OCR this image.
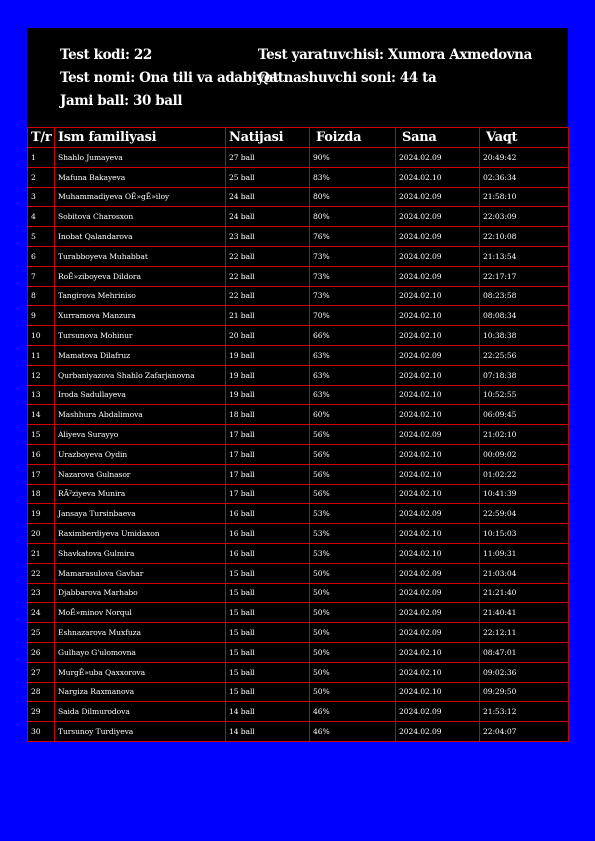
Test kodi: 22	Test yaratuvchisi: Xumora Axmedovna
Test nomi: Ona tili va adabiyot
Qatnashuvchi soni: 44 ta
Jami ball: 30 ball
T/r	Ism familiyasi	Natijasi	Foizda	Sana	Vaqt
1	Shahlo Jumayeva	27 ball	90%	2024.02.09	20:49:42
2	Mafuna Bakayeva	25 ball	83%	2024.02.10	02:36:34
3	Muhammadiyeva OÊ»gÊ»iloy	24 ball	80%	2024.02.09	21:58:10
4	Sobitova Charosxon	24 ball	80%	2024.02.09	22:03:09
5	Inobat Qalandarova	23 ball	76%	2024.02.09	22:10:08
6	Turabboyeva Muhabbat	22 ball	73%	2024.02.09	21:13:54
7	RoÊ»ziboyeva Dildora	22 ball	73%	2024.02.09	22:17:17
8	Tangirova Mehriniso	22 ball	73%	2024.02.10	08:23:58
9	Xurramova Manzura	21 ball	70%	2024.02.10	08:08:34
10	Tursunova Mohinur	20 ball	66%	2024.02.10	10:38:38
11	Mamatova Dilafruz	19 ball	63%	2024.02.09	22:25:56
12	Qurbaniyazova Shahlo Zafarjanovna	19 ball	63%	2024.02.10	07:18:38
13	Iroda Sadullayeva	19 ball	63%	2024.02.10	10:52:55
14	Mashhura Abdalimova	18 ball	60%	2024.02.10	06:09:45
15	Aliyeva Surayyo	17 ball	56%	2024.02.09	21:02:10
16	Urazboyeva Oydin	17 ball	56%	2024.02.10	00:09:02
17	Nazarova Gulnasor	17 ball	56%	2024.02.10	01:02:22
18	RÃ²ziyeva Munira	17 ball	56%	2024.02.10	10:41:39
19	Jansaya Tursinbaeva	16 ball	53%	2024.02.09	22:59:04
20	Raximberdiyeva Umidaxon	16 ball	53%	2024.02.10	10:15:03
21	Shavkatova Gulmira	16 ball	53%	2024.02.10	11:09:31
22	Mamarasulova Gavhar	15 ball	50%	2024.02.09	21:03:04
23	Djabbarova Marhabo	15 ball	50%	2024.02.09	21:21:40
24	MoÊ»minov Norqul	15 ball	50%	2024.02.09	21:40:41
25	Eshnazarova Muxfuza	15 ball	50%	2024.02.09	22:12:11
26	Gulhayo G'ulomovna	15 ball	50%	2024.02.10	08:47:01
27	MurgÊ»uba Qaxxorova	15 ball	50%	2024.02.10	09:02:36
28	Nargiza Raxmanova	15 ball	50%	2024.02.10	09:29:50
29	Saida Dilmurodova	14 ball	46%	2024.02.09	21:53:12
30	Tursunoy Turdiyeva	14 ball	46%	2024.02.09	22:04:07
